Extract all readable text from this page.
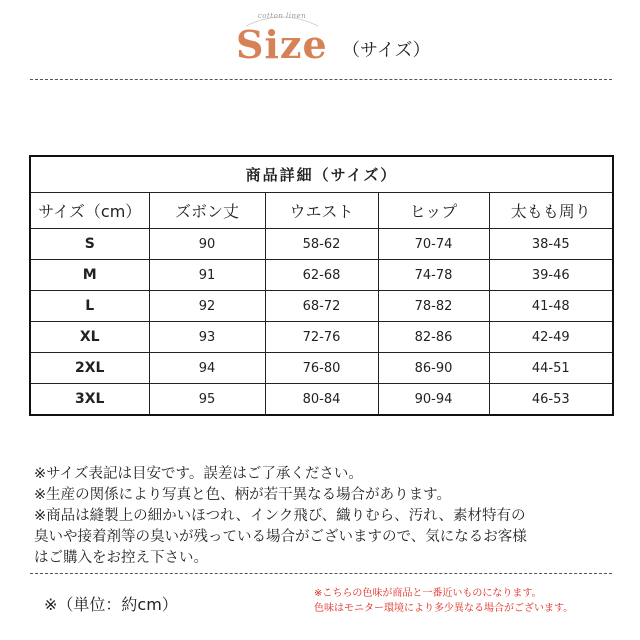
cotton linen
Size （サイズ）
商品詳細（サイズ）				
サイズ（cm）	ズボン丈	ウエスト	ヒップ	太もも周り
S	90	58-62	70-74	38-45
M	91	62-68	74-78	39-46
L	92	68-72	78-82	41-48
XL	93	72-76	82-86	42-49
2XL	94	76-80	86-90	44-51
3XL	95	80-84	90-94	46-53
※サイズ表記は目安です。誤差はご了承ください。
※生産の関係により写真と色、柄が若干異なる場合があります。
※商品は縫製上の細かいほつれ、インク飛び、織りむら、汚れ、素材特有の
臭いや接着剤等の臭いが残っている場合がございますので、気になるお客様
はご購入をお控え下さい。
※（単位：約cm）
※こちらの色味が商品と一番近いものになります。
色味はモニター環境により多少異なる場合がございます。
